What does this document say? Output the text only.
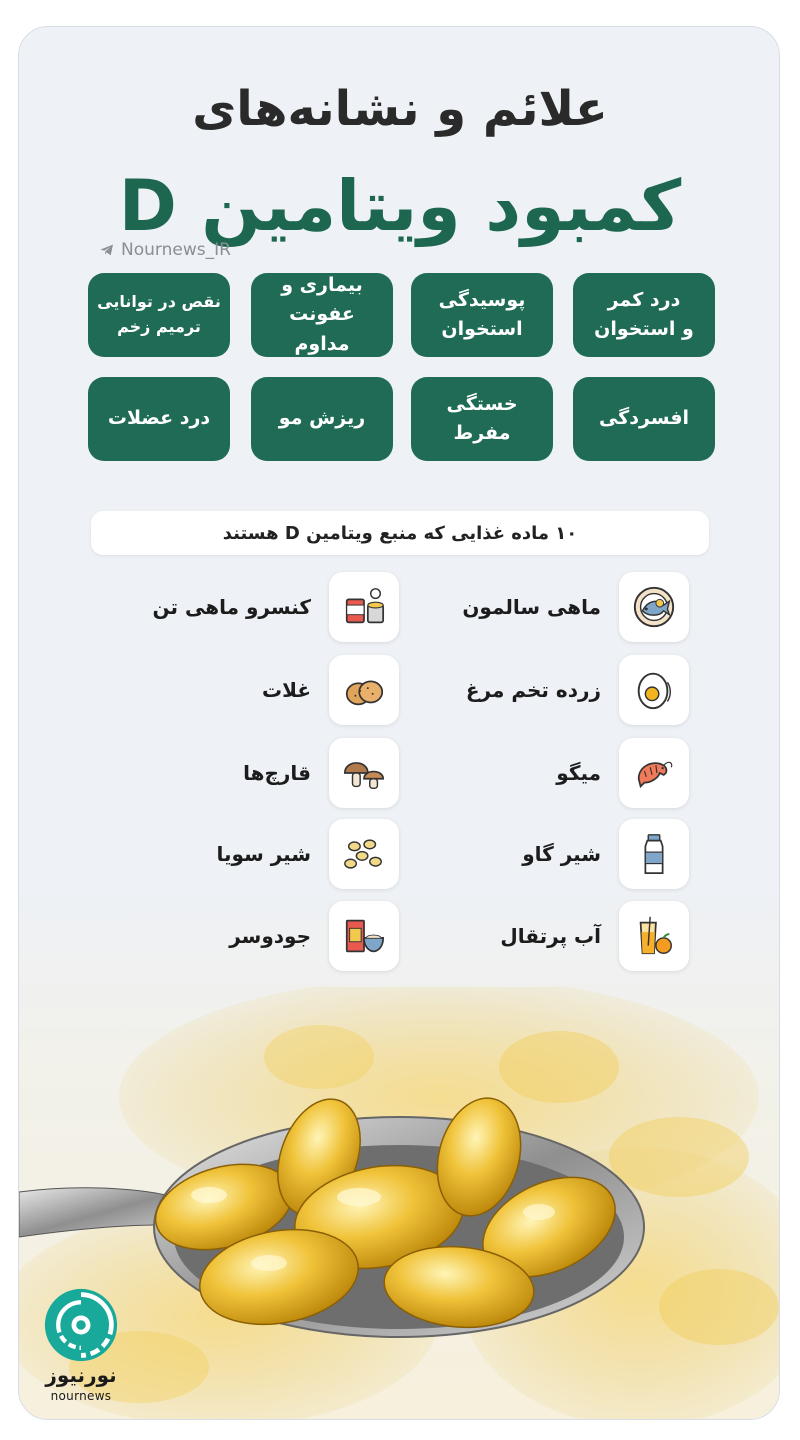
علائم و نشانه‌های
کمبود ویتامین D
Nournews_IR
درد کمر
و استخوان
پوسیدگی
استخوان
بیماری و
عفونت مداوم
نقص در توانایی
ترمیم زخم
افسردگی
خستگی مفرط
ریزش مو
درد عضلات
۱۰ ماده غذایی که منبع ویتامین D هستند
ماهی سالمون
زرده تخم مرغ
میگو
شیر گاو
آب پرتقال
کنسرو ماهی تن
غلات
قارچ‌ها
شیر سویا
جودوسر
نورنیوز
nournews
